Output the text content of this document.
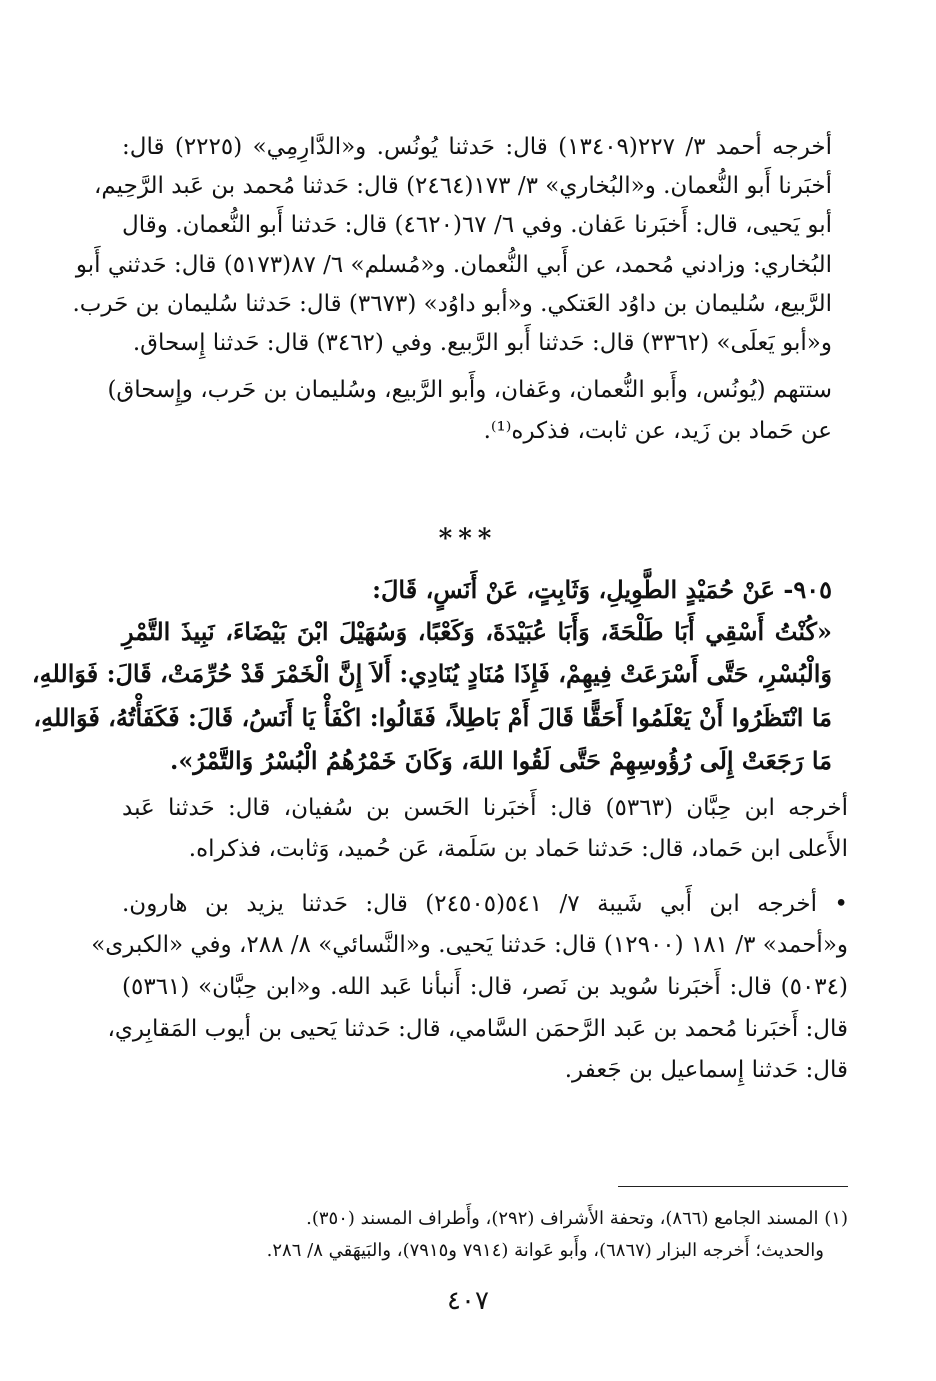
أخرجه أحمد ٣/ ٢٢٧(١٣٤٠٩) قال: حَدثنا يُونُس. و«الدَّارِمِي» (٢٢٢٥) قال:
أخبَرنا أَبو النُّعمان. و«البُخاري» ٣/ ١٧٣(٢٤٦٤) قال: حَدثنا مُحمد بن عَبد الرَّحِيم،
أبو يَحيى، قال: أَخبَرنا عَفان. وفي ٦/ ٦٧(٤٦٢٠) قال: حَدثنا أَبو النُّعمان. وقال
البُخاري: وزادني مُحمد، عن أَبي النُّعمان. و«مُسلم» ٦/ ٨٧(٥١٧٣) قال: حَدثني أَبو
الرَّبيع، سُليمان بن داوُد العَتكي. و«أبو داوُد» (٣٦٧٣) قال: حَدثنا سُليمان بن حَرب.
و«أبو يَعلَى» (٣٣٦٢) قال: حَدثنا أَبو الرَّبيع. وفي (٣٤٦٢) قال: حَدثنا إِسحاق.
ستتهم (يُونُس، وأَبو النُّعمان، وعَفان، وأَبو الرَّبيع، وسُليمان بن حَرب، وإِسحاق)
عن حَماد بن زَيد، عن ثابت، فذكره⁽¹⁾.
***
٩٠٥- عَنْ حُمَيْدٍ الطَّوِيلِ، وَثَابِتٍ، عَنْ أَنَسٍ، قَالَ:
«كُنْتُ أَسْقِي أَبَا طَلْحَةَ، وَأَبَا عُبَيْدَةَ، وَكَعْبًا، وَسُهَيْلَ ابْنَ بَيْضَاءَ، نَبِيذَ التَّمْرِ
وَالْبُسْرِ، حَتَّى أَسْرَعَتْ فِيهِمْ، فَإِذَا مُنَادٍ يُنَادِي: أَلاَ إِنَّ الْخَمْرَ قَدْ حُرِّمَتْ، قَالَ: فَوَاللهِ،
مَا انْتَظَرُوا أَنْ يَعْلَمُوا أَحَقًّا قَالَ أَمْ بَاطِلاً، فَقَالُوا: اكْفَأْ يَا أَنَسُ، قَالَ: فَكَفَأْتُهُ، فَوَاللهِ،
مَا رَجَعَتْ إِلَى رُؤُوسِهِمْ حَتَّى لَقُوا اللهَ، وَكَانَ خَمْرُهُمُ الْبُسْرُ وَالتَّمْرُ».
أخرجه ابن حِبَّان (٥٣٦٣) قال: أَخبَرنا الحَسن بن سُفيان، قال: حَدثنا عَبد
الأَعلى ابن حَماد، قال: حَدثنا حَماد بن سَلَمة، عَن حُميد، وَثابت، فذكراه.
• أخرجه ابن أَبي شَيبة ٧/ ٥٤١(٢٤٥٠٥) قال: حَدثنا يزيد بن هارون.
و«أحمد» ٣/ ١٨١ (١٢٩٠٠) قال: حَدثنا يَحيى. و«النَّسائي» ٨/ ٢٨٨، وفي «الكبرى»
(٥٠٣٤) قال: أَخبَرنا سُويد بن نَصر، قال: أَنبأنا عَبد الله. و«ابن حِبَّان» (٥٣٦١)
قال: أَخبَرنا مُحمد بن عَبد الرَّحمَن السَّامي، قال: حَدثنا يَحيى بن أيوب المَقابِري،
قال: حَدثنا إِسماعيل بن جَعفر.
(١) المسند الجامع (٨٦٦)، وتحفة الأَشراف (٢٩٢)، وأَطراف المسند (٣٥٠).
والحديث؛ أَخرجه البزار (٦٨٦٧)، وأَبو عَوانة (٧٩١٤ و٧٩١٥)، والبَيهَقي ٨/ ٢٨٦.
٤٠٧
